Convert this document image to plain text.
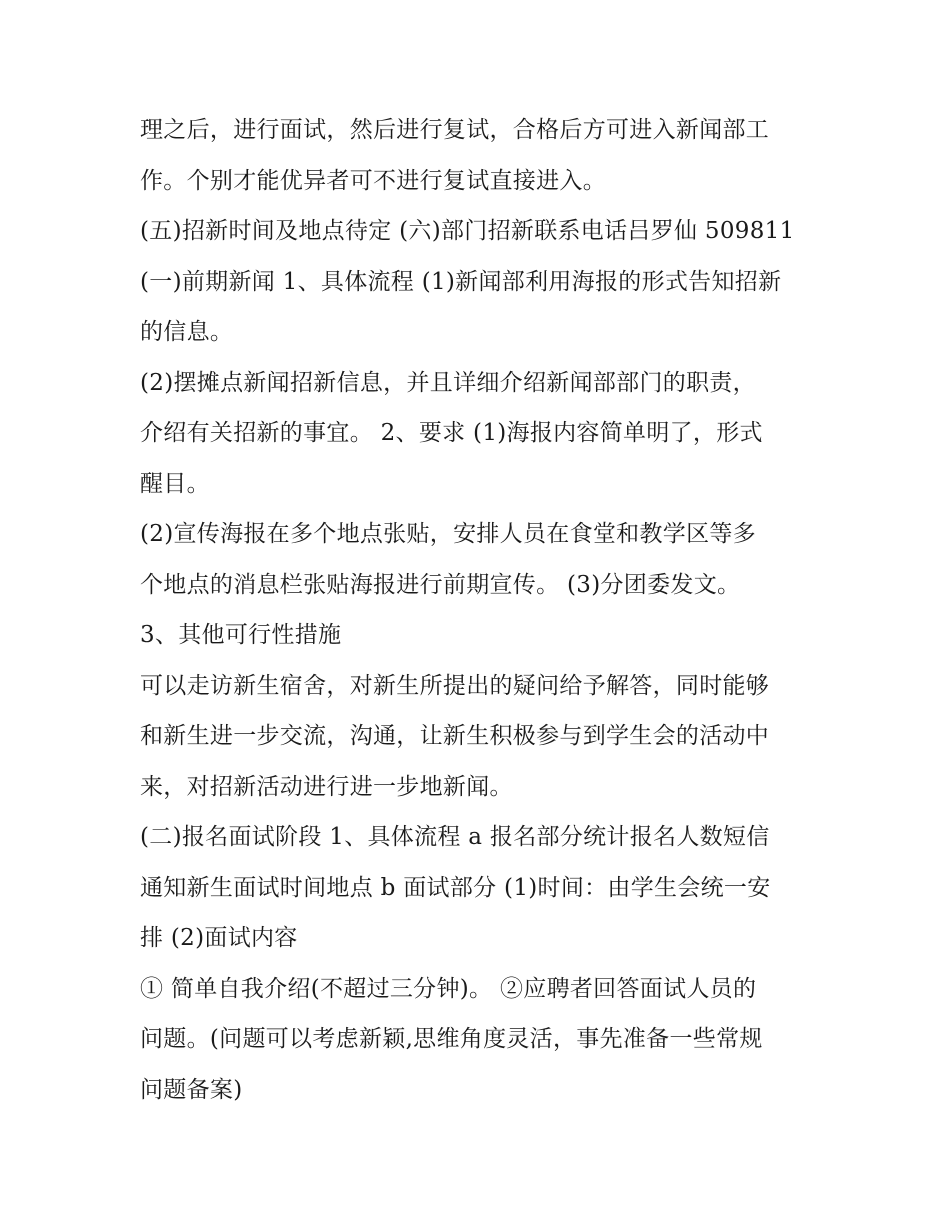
理之后，进行面试，然后进行复试，合格后方可进入新闻部工
作。个别才能优异者可不进行复试直接进入。
(五)招新时间及地点待定 (六)部门招新联系电话吕罗仙 509811
(一)前期新闻 1、具体流程 (1)新闻部利用海报的形式告知招新
的信息。
(2)摆摊点新闻招新信息，并且详细介绍新闻部部门的职责，
介绍有关招新的事宜。 2、要求 (1)海报内容简单明了，形式
醒目。
(2)宣传海报在多个地点张贴，安排人员在食堂和教学区等多
个地点的消息栏张贴海报进行前期宣传。 (3)分团委发文。
3、其他可行性措施
可以走访新生宿舍，对新生所提出的疑问给予解答，同时能够
和新生进一步交流，沟通，让新生积极参与到学生会的活动中
来，对招新活动进行进一步地新闻。
(二)报名面试阶段 1、具体流程 a 报名部分统计报名人数短信
通知新生面试时间地点 b 面试部分 (1)时间：由学生会统一安
排 (2)面试内容
① 简单自我介绍(不超过三分钟)。 ②应聘者回答面试人员的
问题。(问题可以考虑新颖,思维角度灵活，事先准备一些常规
问题备案)
